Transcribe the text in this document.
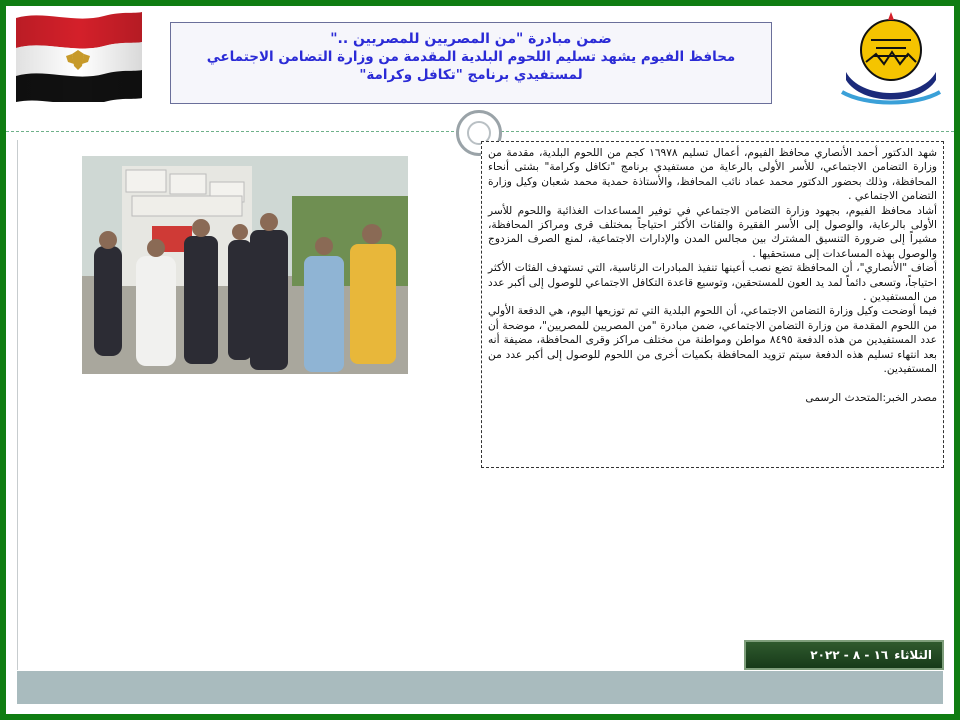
ضمن مبادرة "من المصريين للمصريين .."
محافظ الفيوم يشهد تسليم اللحوم البلدية المقدمة من وزارة التضامن الاجتماعي لمستفيدي برنامج "تكافل وكرامة"

شهد الدكتور أحمد الأنصاري محافظ الفيوم، أعمال تسليم ١٦٩٧٨ كجم من اللحوم البلدية، مقدمة من وزارة التضامن الاجتماعي، للأسر الأولى بالرعاية من مستفيدي برنامج "تكافل وكرامة" بشتى أنحاء المحافظة، وذلك بحضور الدكتور محمد عماد نائب المحافظ، والأستاذة حمدية محمد شعبان وكيل وزارة التضامن الاجتماعي .

أشاد محافظ الفيوم، بجهود وزارة التضامن الاجتماعي في توفير المساعدات الغذائية واللحوم للأسر الأولى بالرعاية، والوصول إلى الأسر الفقيرة والفئات الأكثر احتياجاً بمختلف قرى ومراكز المحافظة، مشيراً إلى ضرورة التنسيق المشترك بين مجالس المدن والإدارات الاجتماعية، لمنع الصرف المزدوج والوصول بهذه المساعدات إلى مستحقيها .

أضاف "الأنصاري"، أن المحافظة تضع نصب أعينها تنفيذ المبادرات الرئاسية، التي تستهدف الفئات الأكثر احتياجاً، وتسعى دائماً لمد يد العون للمستحقين، وتوسيع قاعدة التكافل الاجتماعي للوصول إلى أكبر عدد من المستفيدين .

فيما أوضحت وكيل وزارة التضامن الاجتماعي، أن اللحوم البلدية التي تم توزيعها اليوم، هي الدفعة الأولي من اللحوم المقدمة من وزارة التضامن الاجتماعي، ضمن مبادرة "من المصريين للمصريين"، موضحة أن عدد المستفيدين من هذه الدفعة ٨٤٩٥ مواطن ومواطنة من مختلف مراكز وقرى المحافظة، مضيفة أنه بعد انتهاء تسليم هذه الدفعة سيتم تزويد المحافظة بكميات أخرى من اللحوم للوصول إلى أكبر عدد من المستفيدين.

مصدر الخبر:المتحدث الرسمى

الثلاثاء
١٦ - ٨ - ٢٠٢٢
